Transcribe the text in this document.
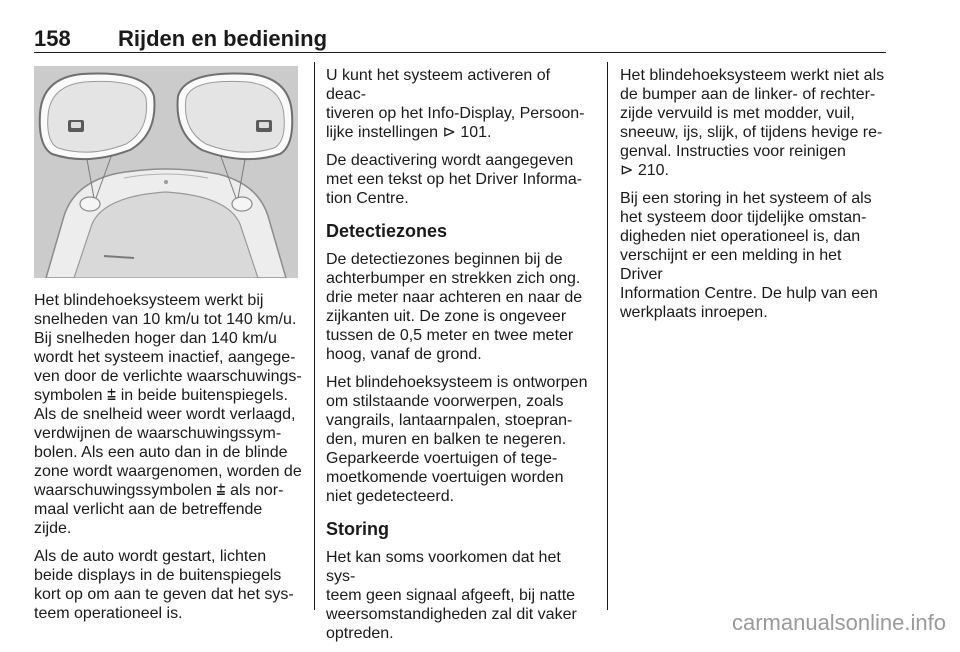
158 Rijden en bediening

Het blindehoeksysteem werkt bij
snelheden van 10 km/u tot 140 km/u.
Bij snelheden hoger dan 140 km/u
wordt het systeem inactief, aangege-
ven door de verlichte waarschuwings-
symbolen ⩲ in beide buitenspiegels.
Als de snelheid weer wordt verlaagd,
verdwijnen de waarschuwingssym-
bolen. Als een auto dan in de blinde
zone wordt waargenomen, worden de
waarschuwingssymbolen ⩲ als nor-
maal verlicht aan de betreffende
zijde.

Als de auto wordt gestart, lichten
beide displays in de buitenspiegels
kort op om aan te geven dat het sys-
teem operationeel is.

U kunt het systeem activeren of deac-
tiveren op het Info-Display, Persoon-
lijke instellingen ⊳ 101.

De deactivering wordt aangegeven
met een tekst op het Driver Informa-
tion Centre.

Detectiezones

De detectiezones beginnen bij de
achterbumper en strekken zich ong.
drie meter naar achteren en naar de
zijkanten uit. De zone is ongeveer
tussen de 0,5 meter en twee meter
hoog, vanaf de grond.

Het blindehoeksysteem is ontworpen
om stilstaande voorwerpen, zoals
vangrails, lantaarnpalen, stoepran-
den, muren en balken te negeren.
Geparkeerde voertuigen of tege-
moetkomende voertuigen worden
niet gedetecteerd.

Storing

Het kan soms voorkomen dat het sys-
teem geen signaal afgeeft, bij natte
weersomstandigheden zal dit vaker
optreden.

Het blindehoeksysteem werkt niet als
de bumper aan de linker- of rechter-
zijde vervuild is met modder, vuil,
sneeuw, ijs, slijk, of tijdens hevige re-
genval. Instructies voor reinigen
⊳ 210.

Bij een storing in het systeem of als
het systeem door tijdelijke omstan-
digheden niet operationeel is, dan
verschijnt er een melding in het Driver
Information Centre. De hulp van een
werkplaats inroepen.

carmanualsonline.info
